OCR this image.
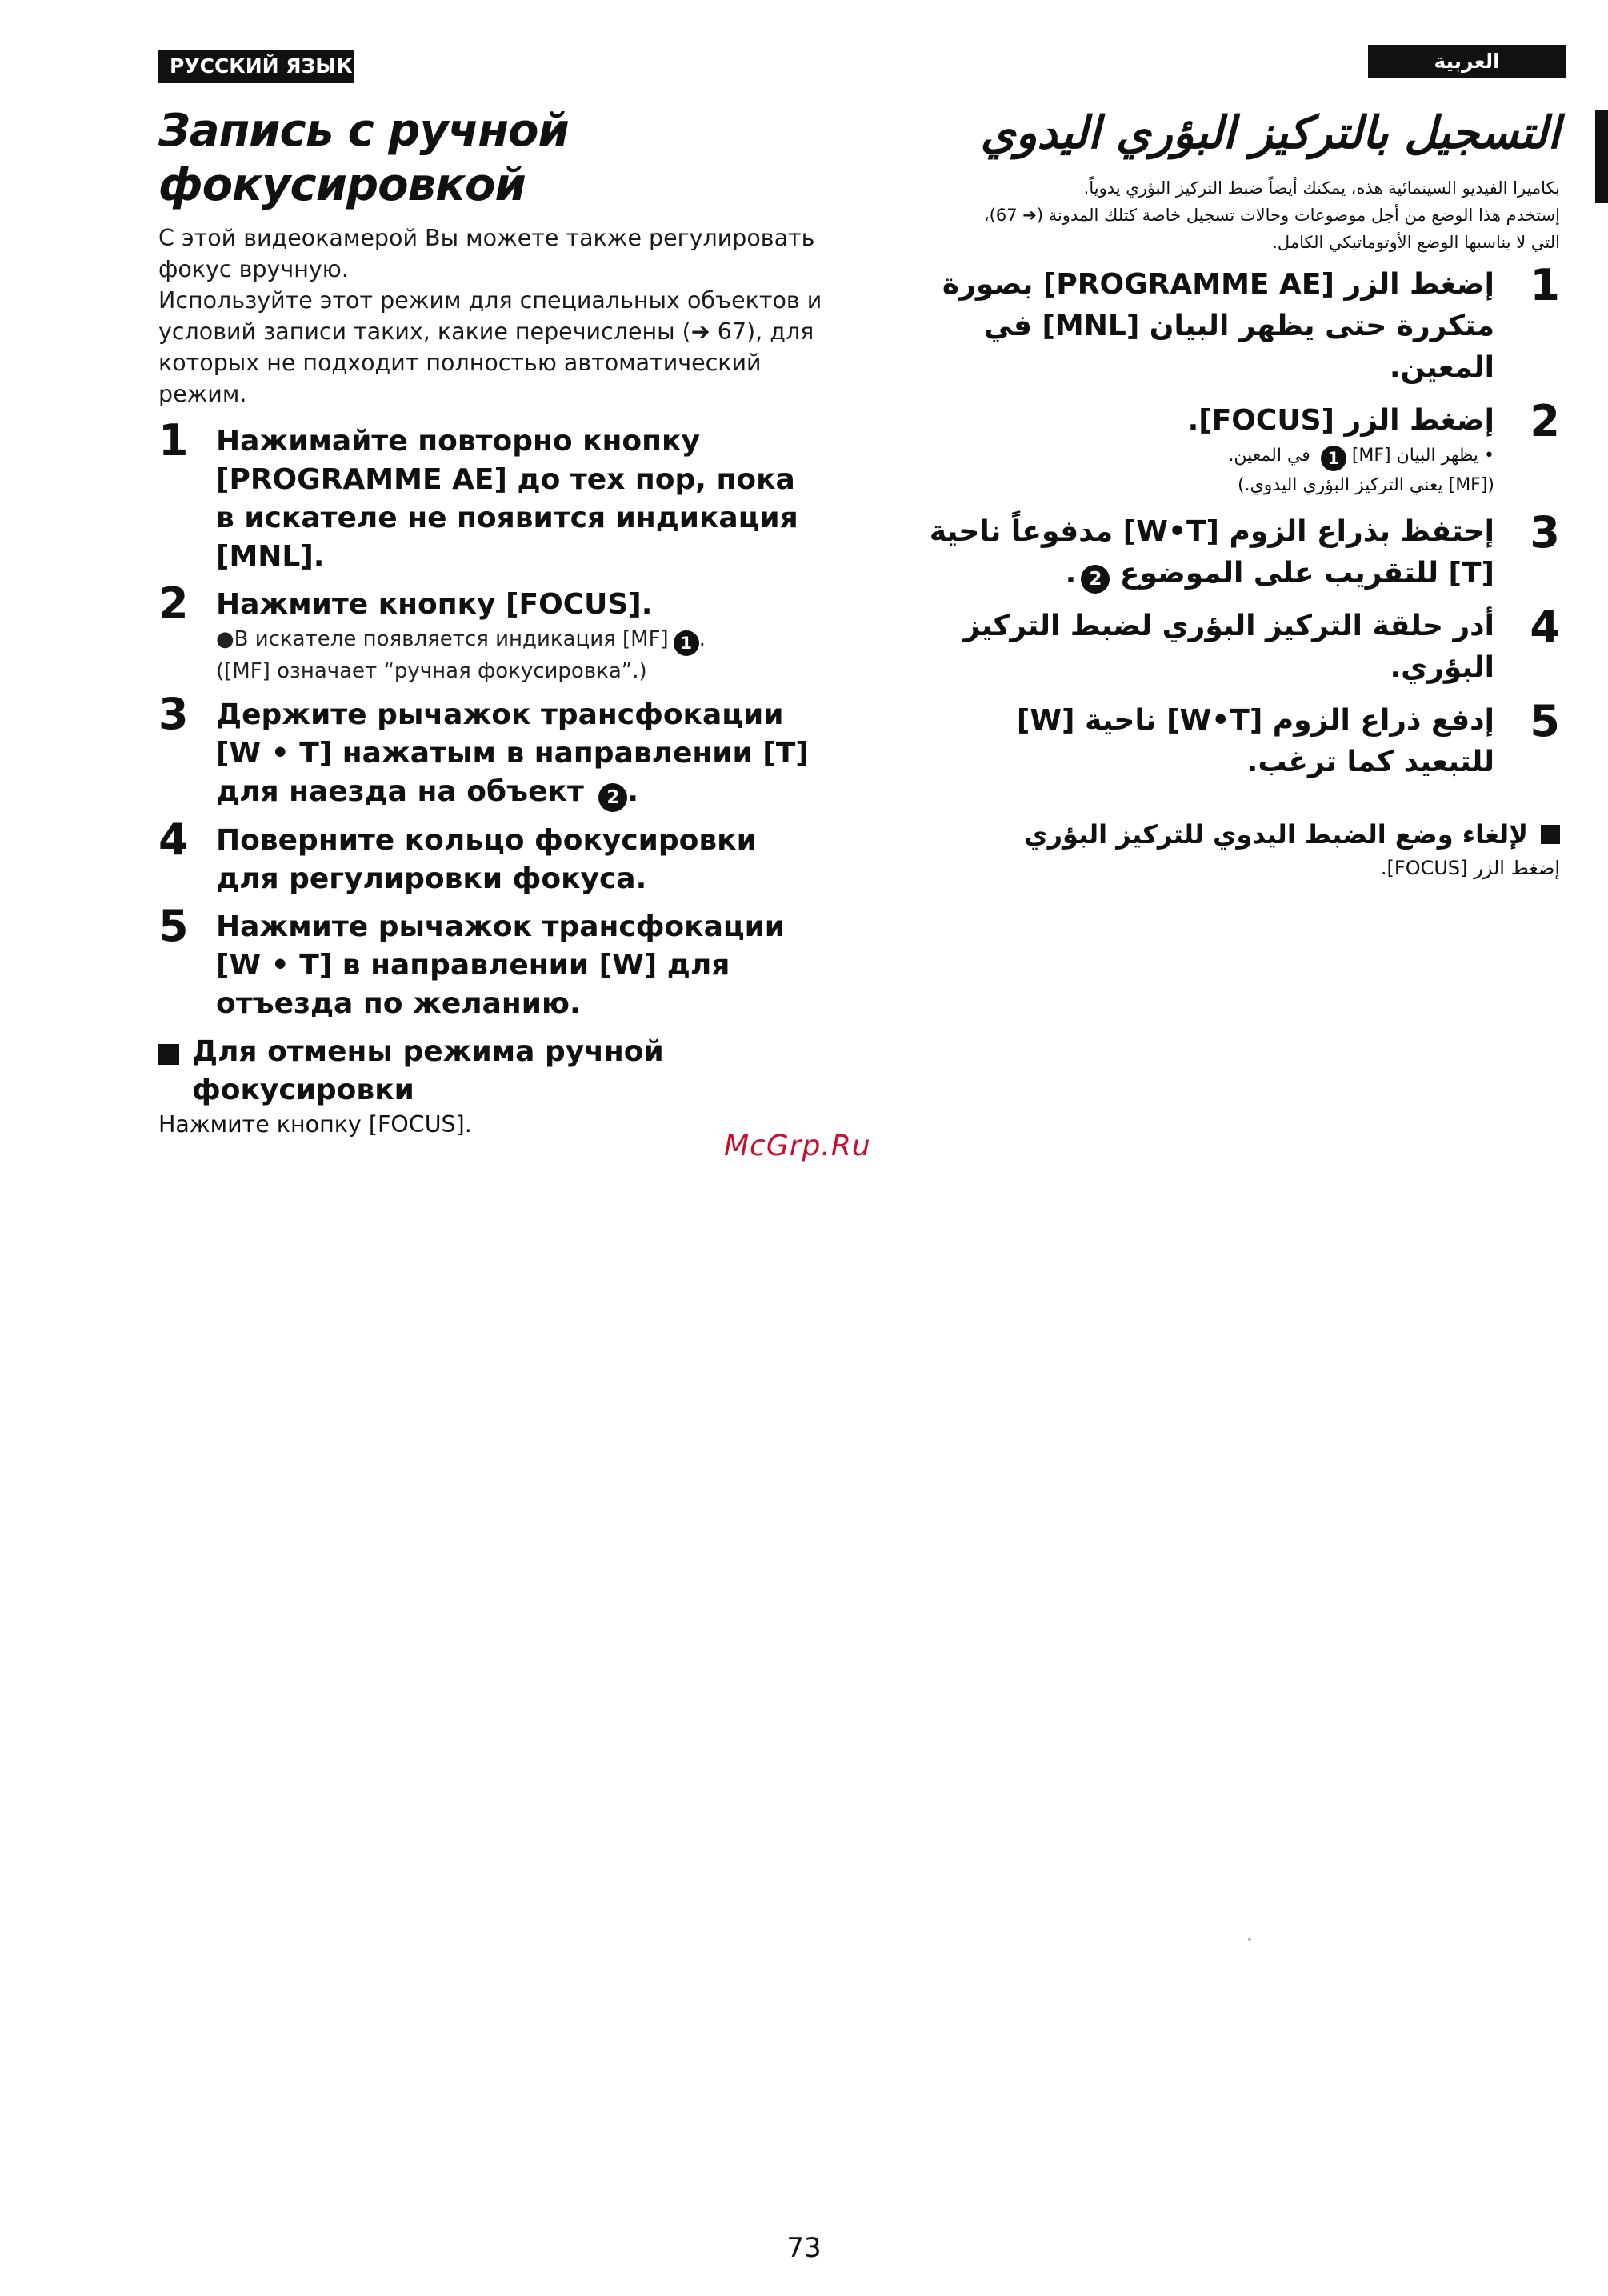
РУССКИЙ ЯЗЫК	العربية
Запись с ручной фокусировкой

С этой видеокамерой Вы можете также регулировать фокус вручную.

Используйте этот режим для специальных объектов и условий записи таких, какие перечислены (➔ 67), для которых не подходит полностью автоматический режим.

1 Нажимайте повторно кнопку [PROGRAMME AE] до тех пор, пока в искателе не появится индикация [MNL].

2 Нажмите кнопку [FOCUS].

●В искателе появляется индикация [MF] 1 .

([MF] означает “ручная фокусировка”.)

3 Держите рычажок трансфокации [W • T] нажатым в направлении [T] для наезда на объект 2 .

4 Поверните кольцо фокусировки для регулировки фокуса.

5 Нажмите рычажок трансфокации [W • T] в направлении [W] для отъезда по желанию.

Для отмены режима ручной фокусировки

Нажмите кнопку [FOCUS].

McGrp.Ru
التسجيل بالتركيز البؤري اليدوي

بكاميرا الفيديو السينمائية هذه، يمكنك أيضاً ضبط التركيز البؤري يدوياً.

إستخدم هذا الوضع من أجل موضوعات وحالات تسجيل خاصة كتلك المدونة (➔ 67)،

التي لا يناسبها الوضع الأوتوماتيكي الكامل.

1

إضغط الزر [PROGRAMME AE] بصورة متكررة حتى يظهر البيان [MNL] في المعين.

2

إضغط الزر [FOCUS].

• يظهر البيان [MF] 1 في المعين.

([MF] يعني التركيز البؤري اليدوي.)

3

إحتفظ بذراع الزوم [W•T] مدفوعاً ناحية [T] للتقريب على الموضوع 2.

4

أدر حلقة التركيز البؤري لضبط التركيز البؤري.

5

إدفع ذراع الزوم [W•T] ناحية [W] للتبعيد كما ترغب.

لإلغاء وضع الضبط اليدوي للتركيز البؤري

إضغط الزر [FOCUS].

73
